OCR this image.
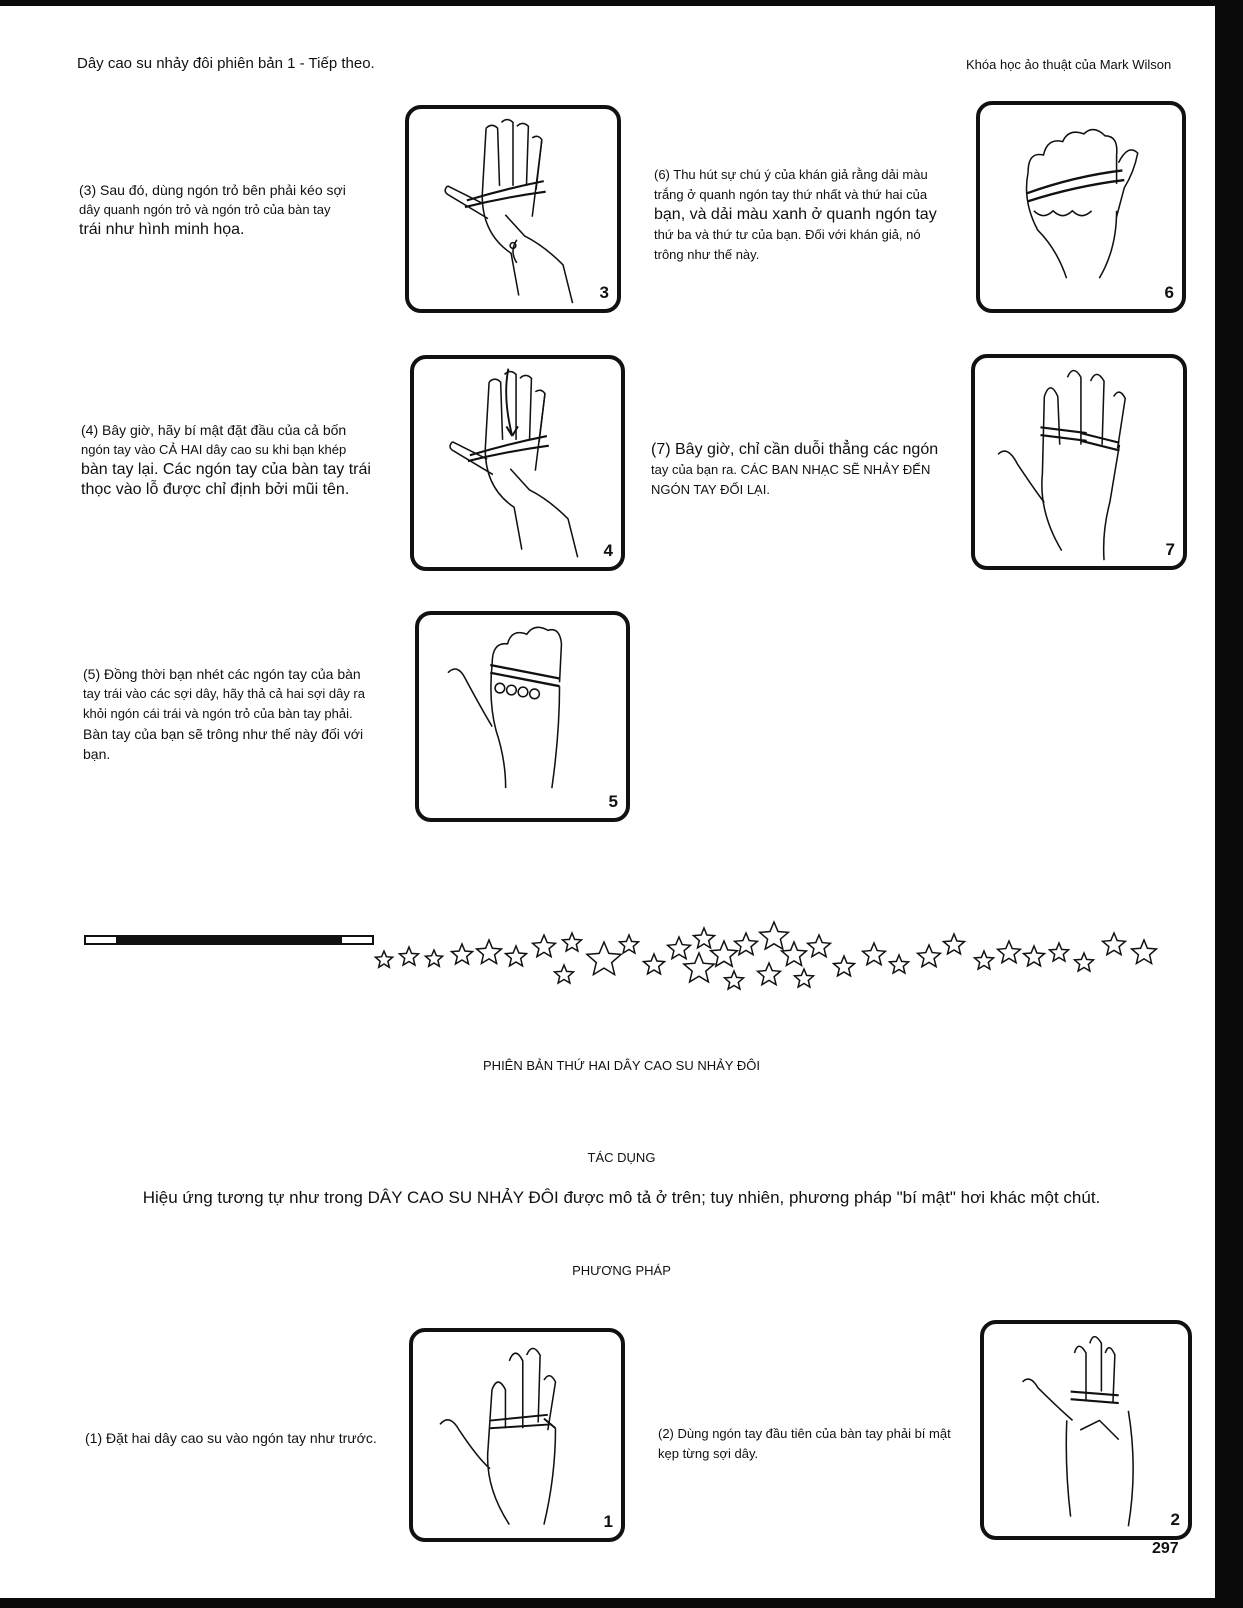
Dây cao su nhảy đôi phiên bản 1 - Tiếp theo.	Khóa học ảo thuật của Mark Wilson
(3) Sau đó, dùng ngón trỏ bên phải kéo sợi
dây quanh ngón trỏ và ngón trỏ của bàn tay
trái như hình minh họa.
3
(6) Thu hút sự chú ý của khán giả rằng dải màu
trắng ở quanh ngón tay thứ nhất và thứ hai của
bạn, và dải màu xanh ở quanh ngón tay
thứ ba và thứ tư của bạn. Đối với khán giả, nó
trông như thế này.
6
(4) Bây giờ, hãy bí mật đặt đầu của cả bốn
ngón tay vào CẢ HAI dây cao su khi bạn khép
bàn tay lại. Các ngón tay của bàn tay trái
thọc vào lỗ được chỉ định bởi mũi tên.
4
(7) Bây giờ, chỉ cần duỗi thẳng các ngón
tay của bạn ra. CÁC BAN NHẠC SẼ NHẢY ĐẾN
NGÓN TAY ĐỐI LẠI.
7
(5) Đồng thời bạn nhét các ngón tay của bàn
tay trái vào các sợi dây, hãy thả cả hai sợi dây ra
khỏi ngón cái trái và ngón trỏ của bàn tay phải.
Bàn tay của bạn sẽ trông như thế này đối với
bạn.
5
PHIÊN BẢN THỨ HAI DÂY CAO SU NHẢY ĐÔI
TÁC DỤNG
Hiệu ứng tương tự như trong DÂY CAO SU NHẢY ĐÔI được mô tả ở trên; tuy nhiên, phương pháp "bí mật" hơi khác một chút.
PHƯƠNG PHÁP
(1) Đặt hai dây cao su vào ngón tay như trước.
1
(2) Dùng ngón tay đầu tiên của bàn tay phải bí mật
kẹp từng sợi dây.
2
297
